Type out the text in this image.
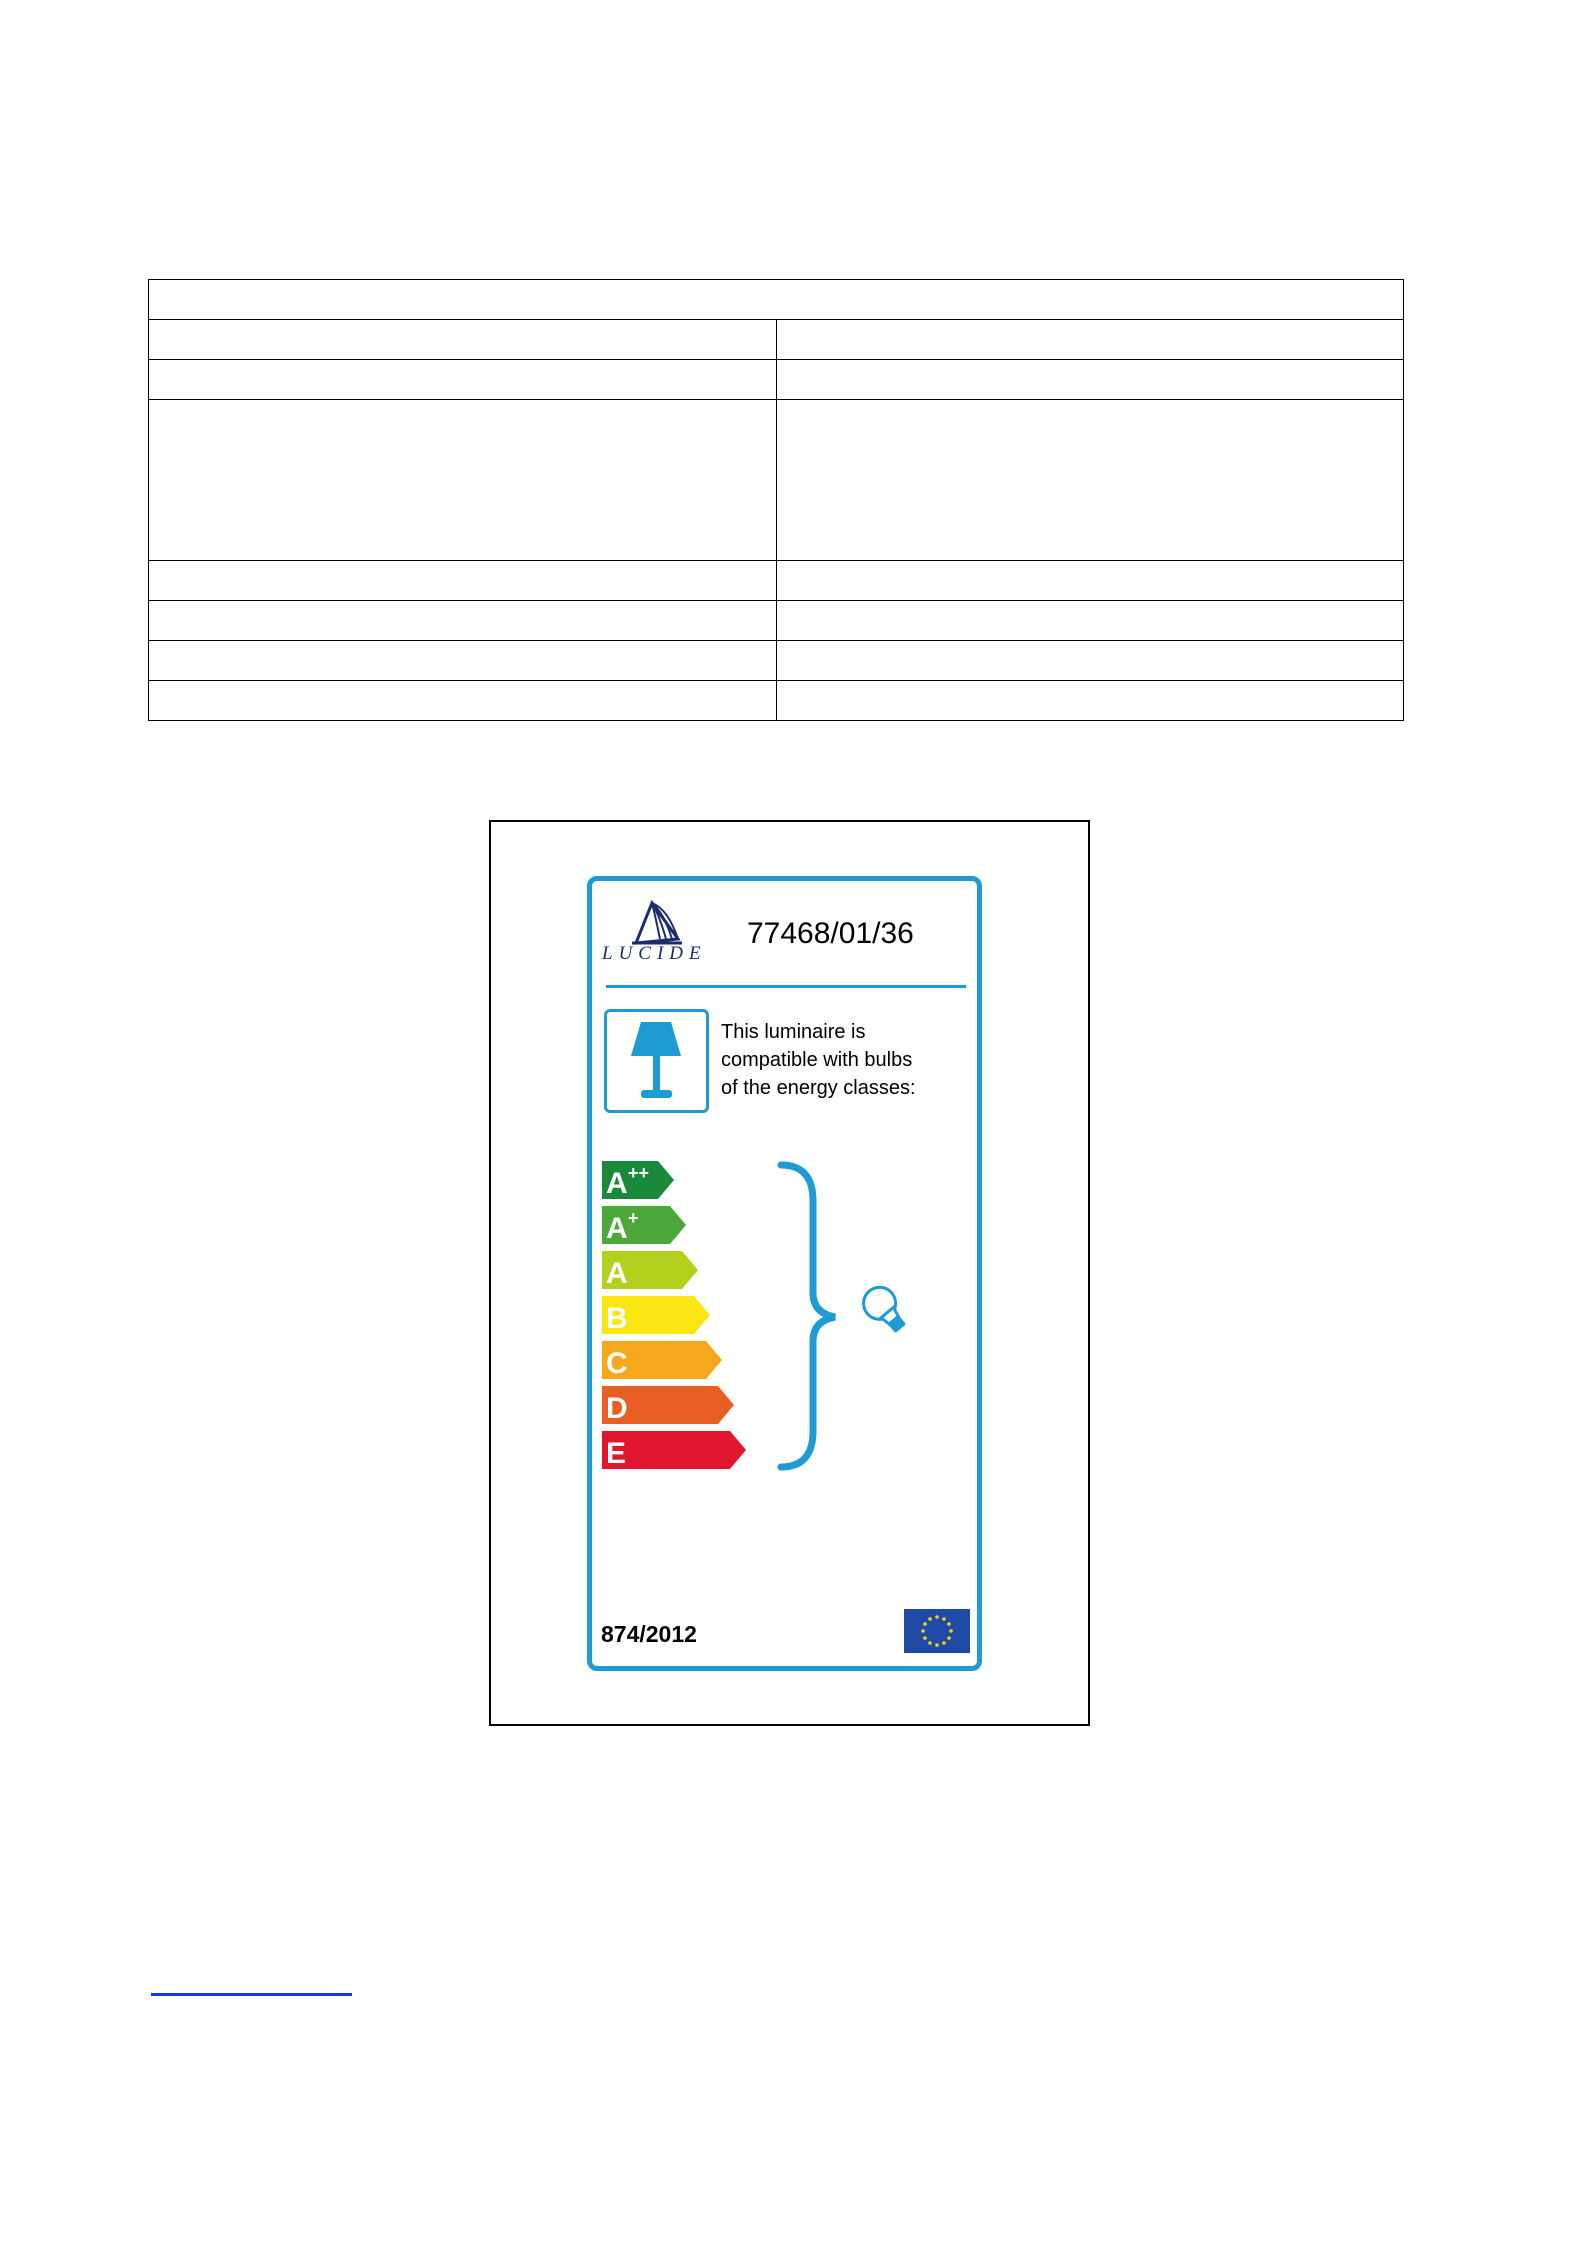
LUCIDE
77468/01/36
This luminaire is
compatible with bulbs
of the energy classes:
A ++
A +
A
B
C
D
E
874/2012
